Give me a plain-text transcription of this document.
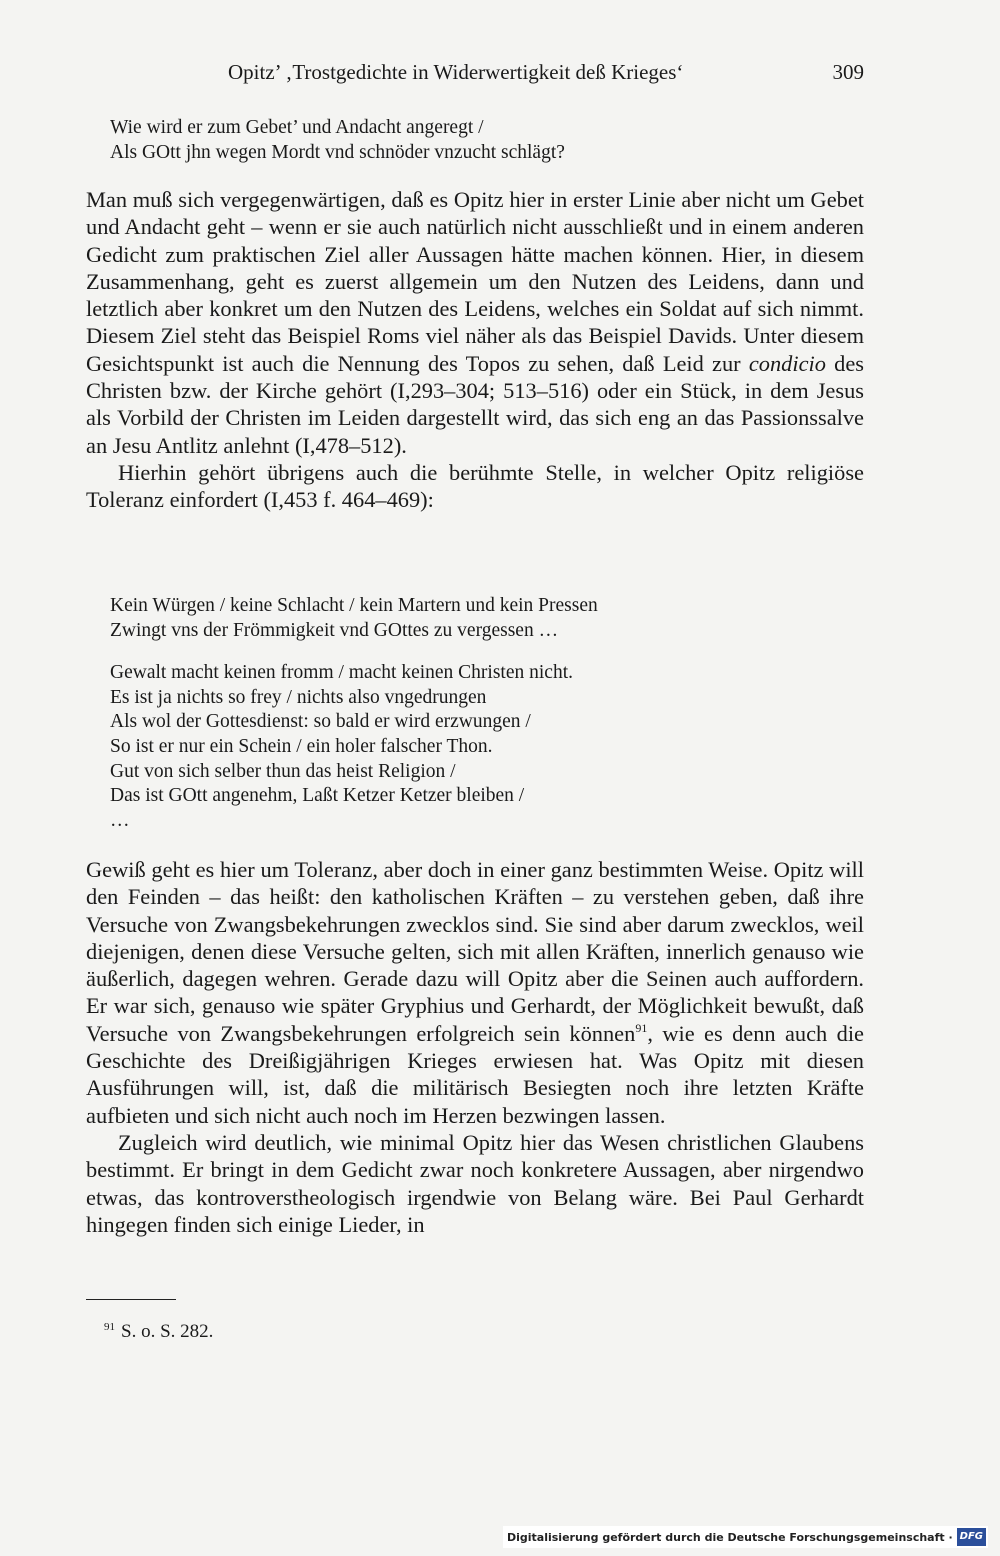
Opitz’ ‚Trostgedichte in Widerwertigkeit deß Krieges‘	309
Wie wird er zum Gebet’ und Andacht angeregt /
Als GOtt jhn wegen Mordt vnd schnöder vnzucht schlägt?

Man muß sich vergegenwärtigen, daß es Opitz hier in erster Linie aber nicht um Gebet und Andacht geht – wenn er sie auch natürlich nicht ausschließt und in einem anderen Gedicht zum praktischen Ziel aller Aussagen hätte machen können. Hier, in diesem Zusammenhang, geht es zuerst allgemein um den Nutzen des Leidens, dann und letztlich aber konkret um den Nutzen des Leidens, welches ein Soldat auf sich nimmt. Diesem Ziel steht das Beispiel Roms viel näher als das Beispiel Davids. Unter diesem Gesichtspunkt ist auch die Nennung des Topos zu sehen, daß Leid zur condicio des Christen bzw. der Kirche gehört (I,293–304; 513–516) oder ein Stück, in dem Jesus als Vorbild der Christen im Leiden dargestellt wird, das sich eng an das Passionssalve an Jesu Antlitz anlehnt (I,478–512).

Hierhin gehört übrigens auch die berühmte Stelle, in welcher Opitz religiöse Toleranz einfordert (I,453 f. 464–469):

Kein Würgen / keine Schlacht / kein Martern und kein Pressen
Zwingt vns der Frömmigkeit vnd GOttes zu vergessen …
Gewalt macht keinen fromm / macht keinen Christen nicht.
Es ist ja nichts so frey / nichts also vngedrungen
Als wol der Gottesdienst: so bald er wird erzwungen /
So ist er nur ein Schein / ein holer falscher Thon.
Gut von sich selber thun das heist Religion /
Das ist GOtt angenehm, Laßt Ketzer Ketzer bleiben /
…

Gewiß geht es hier um Toleranz, aber doch in einer ganz bestimmten Weise. Opitz will den Feinden – das heißt: den katholischen Kräften – zu verstehen geben, daß ihre Versuche von Zwangsbekehrungen zwecklos sind. Sie sind aber darum zwecklos, weil diejenigen, denen diese Versuche gelten, sich mit allen Kräften, innerlich genauso wie äußerlich, dagegen wehren. Gerade dazu will Opitz aber die Seinen auch auffordern. Er war sich, genauso wie später Gryphius und Gerhardt, der Möglichkeit bewußt, daß Versuche von Zwangsbekehrungen erfolgreich sein können$^{91}$, wie es denn auch die Geschichte des Dreißigjährigen Krieges erwiesen hat. Was Opitz mit diesen Ausführungen will, ist, daß die militärisch Besiegten noch ihre letzten Kräfte aufbieten und sich nicht auch noch im Herzen bezwingen lassen.

Zugleich wird deutlich, wie minimal Opitz hier das Wesen christlichen Glaubens bestimmt. Er bringt in dem Gedicht zwar noch konkretere Aussagen, aber nirgendwo etwas, das kontroverstheologisch irgendwie von Belang wäre. Bei Paul Gerhardt hingegen finden sich einige Lieder, in

$^{91}$ S. o. S. 282.
Digitalisierung gefördert durch die Deutsche Forschungsgemeinschaft · DFG
